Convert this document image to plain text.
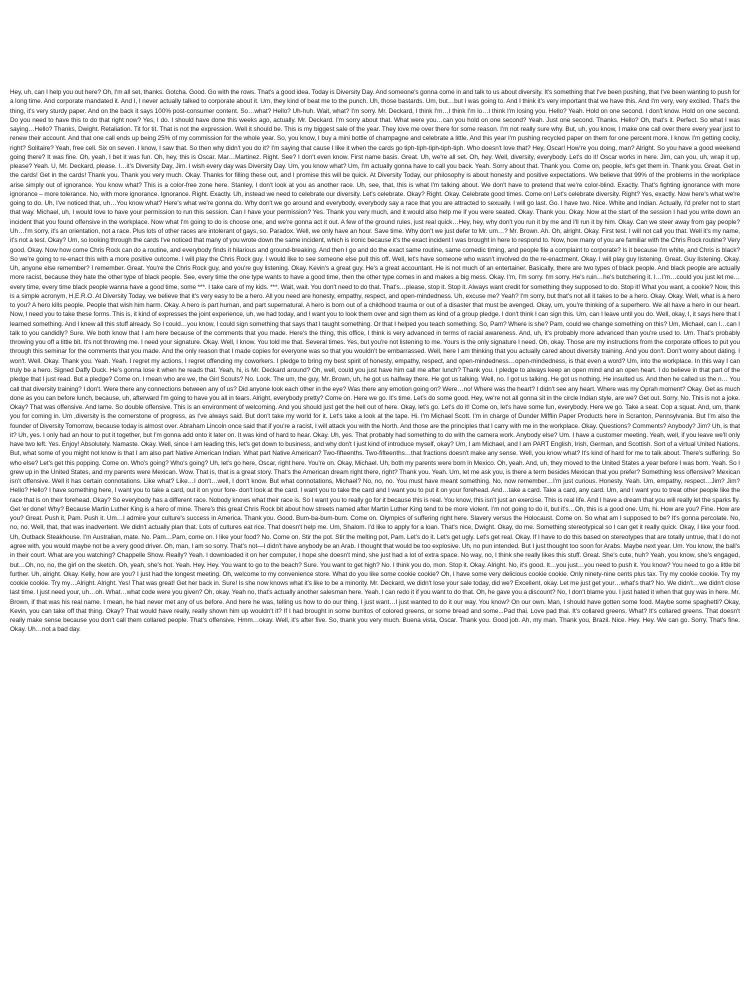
Hey, uh, can I help you out here? Oh, I'm all set, thanks. Gotcha. Good. Go with the rows. That's a good idea. Today is Diversity Day. And someone's gonna come in and talk to us about diversity. It's something that I've been pushing, that I've been wanting to push for a long time. And corporate mandated it. And I, I never actually talked to corporate about it. Um, they kind of beat me to the punch. Uh, those bastards. Um, but…but I was going to. And I think it's very important that we have this. And I'm very, very excited. That's the thing, it's very sturdy paper. And on the back it says 100% post-consumer content. So…what? Hello? Uh-huh. Wait, what? I'm sorry. Mr. Deckard, I think I'm…I think I'm lo…I think I'm losing you. Hello? Yeah. Hold on one second. I don't know. Hold on one second. Do you need to have this to do that right now? Yes, I do. I should have done this weeks ago, actually. Mr. Deckard. I'm sorry about that. What were you…can you hold on one second? Yeah. Just one second. Thanks. Hello? Oh, that's it. Perfect. So what I was saying…Hello? Thanks, Dwight. Retaliation. Tit for tit. That is not the expression. Well it should be. This is my biggest sale of the year. They love me over there for some reason. I'm not really sure why. But, uh, you know, I make one call over there every year just to renew their account. And that one call ends up being 25% of my commission for the whole year. So, you know, I buy a mini bottle of champagne and celebrate a little. And this year I'm pushing recycled paper on them for one percent more. I know. I'm getting cocky, right? Solitaire? Yeah, free cell. Six on seven. I know, I saw that. So then why didn't you do it? I'm saying that cause I like it when the cards go tiph-tiph-tiph-tiph-tiph. Who doesn't love that? Hey, Oscar! How're you doing, man? Alright. So you have a good weekend going there? It was fine. Oh, yeah, I bet it was fun. Oh, hey, this is Oscar. Mar…Martinez. Right. See? I don't even know. First name basis. Great. Uh, we're all set. Oh, hey. Well, diversity, everybody. Let's do it! Oscar works in here. Jim, can you, uh, wrap it up, please? Yeah. U, Mr. Deckard, please. I…it's Diversity Day, Jim. I wish every day was Diversity Day. Um, you know what? Um, I'm actually gonna have to call you back. Yeah. Sorry about that. Thank you. Come on, people, let's get them in. Thank you. Great. Get in the cards! Get in the cards! Thank you. Thank you very much. Okay. Thanks for filling these out, and I promise this will be quick. At Diversity Today, our philosophy is about honesty and positive expectations. We believe that 99% of the problems in the workplace arise simply out of ignorance. You know what? This is a color-free zone here. Stanley, I don't look at you as another race. Uh, see, that, this is what I'm talking about. We don't have to pretend that we're color-blind. Exactly. That's fighting ignorance with more ignorance – more tolerance. No, with more ignorance. Ignorance. Right. Exactly. Uh, instead we need to celebrate our diversity. Let's celebrate. Okay? Right. Okay. Celebrate good times. Come on! Let's celebrate diversity. Right? Yes, exactly. Now here's what we're going to do. Uh, I've noticed that, uh…You know what? Here's what we're gonna do. Why don't we go around and everybody, everybody say a race that you are attracted to sexually. I will go last. Go. I have two. Nice. White and Indian. Actually, I'd prefer not to start that way. Michael, uh, I would love to have your permission to run this session. Can I have your permission? Yes. Thank you very much, and it would also help me if you were seated. Okay. Thank you. Okay. Now at the start of the session I had you write down an incident that you found offensive in the workplace. Now what I'm going to do is choose one, and we're gonna act it out. A few of the ground rules, just real quick…Hey, hey, why don't you run it by me and I'll run it by him. Okay. Can we steer away from gay people? Uh…I'm sorry, it's an orientation, not a race. Plus lots of other races are intolerant of gays, so. Paradox. Well, we only have an hour. Save time. Why don't we just defer to Mr. um…? Mr. Brown. Ah. Oh, alright. Okay. First test. I will not call you that. Well it's my name, it's not a test. Okay? Um, so looking through the cards I've noticed that many of you wrote down the same incident, which is ironic because it's the exact incident I was brought in here to respond to. Now, how many of you are familiar with the Chris Rock routine? Very good. Okay. Now how come Chris Rock can do a routine, and everybody finds it hilarious and ground-breaking. And then I go and do the exact same routine, same comedic timing, and people file a complaint to corporate? Is it because I'm white, and Chris is black? So we're going to re-enact this with a more positive outcome. I will play the Chris Rock guy. I would like to see someone else pull this off. Well, let's have someone who wasn't involved do the re-enactment. Okay. I will play guy listening. Great. Guy listening. Okay. Uh, anyone else remember? I remember. Great. You're the Chris Rock guy, and you're guy listening. Okay. Kevin's a great guy. He's a great accountant. He is not much of an entertainer. Basically, there are two types of black people. And black people are actually more racist, because they hate the other type of black people. See, every time the one type wants to have a good time, then the other type comes in and makes a big mess. Okay. I'm, I'm sorry. I'm sorry. He's ruin…he's butchering it. I…I'm…could you just let me…every time, every time black people wanna have a good time, some ***. I take care of my kids. ***. Wait, wait. You don't need to do that. That's…please, stop it. Stop it. Always want credit for something they supposed to do. Stop it! What you want, a cookie? Now, this is a simple acronym, H.E.R.O. At Diversity Today, we believe that it's very easy to be a hero. All you need are honesty, empathy, respect, and open-mindedness. Uh, excuse me? Yeah? I'm sorry, but that's not all it takes to be a hero. Okay. Okay. Well, what is a hero to you? A hero kills people. People that wish him harm. Okay. A hero is part human, and part supernatural. A hero is born out of a childhood trauma or out of a disaster that must be avenged. Okay, um, you're thinking of a superhero. We all have a hero in our heart. Now, I need you to take these forms. This is, it kind of expresses the joint experience, uh, we had today, and I want you to look them over and sign them as kind of a group pledge. I don't think I can sign this. Um, can I leave until you do. Well, okay, I, it says here that I learned something. And I knew all this stuff already. So I could…you know, I could sign something that says that I taught something. Or that I helped you teach something. So, Pam? Where is she? Pam, could we change something on this? Um, Michael, can I…can I talk to you candidly? Sure. We both know that I am here because of the comments that you made. Here's the thing, this office, I think is very advanced in terms of racial awareness. And, uh, it's probably more advanced than you're used to. Um. That's probably throwing you off a little bit. It's not throwing me. I need your signature. Okay. Well, I know. You told me that. Several times. Yes, but you're not listening to me. Yours is the only signature I need. Oh, okay. Those are my instructions from the corporate offices to put you through this seminar for the comments that you made. And the only reason that I made copies for everyone was so that you wouldn't be embarrassed. Well, here I am thinking that you actually cared about diversity training. And you don't. Don't worry about dating. I won't. Well. Okay. Thank you. Yeah. Yeah. I regret my actions. I regret offending my coworkers. I pledge to bring my best spirit of honesty, empathy, respect, and open-mindedness…open-mindedness, is that even a word? Um, into the workplace. In this way I can truly be a hero. Signed Daffy Duck. He's gonna lose it when he reads that. Yeah, hi, is Mr. Deckard around? Oh, well, could you just have him call me after lunch? Thank you. I pledge to always keep an open mind and an open heart. I do believe in that part of the pledge that I just read. But a pledge? Come on. I mean who are we, the Girl Scouts? No. Look. The um, the guy, Mr. Brown, uh, he got us halfway there. He got us talking. Well, no. I got us talking. He got us nothing. He insulted us. And then he called us the n… You call that diversity training? I don't. Were there any connections between any of us? Did anyone look each other in the eye? Was there any emotion going on? Were…no! Where was the heart? I didn't see any heart. Where was my Oprah moment? Okay. Get as much done as you can before lunch, because, uh, afterward I'm going to have you all in tears. Alright, everybody pretty? Come on. Here we go. It's time. Let's do some good. Hey, we're not all gonna sit in the circle Indian style, are we? Get out. Sorry. No. This is not a joke. Okay? That was offensive. And lame. So double offensive. This is an environment of welcoming. And you should just get the hell out of here. Okay, let's go. Let's do it! Come on, let's have some fun, everybody. Here we go. Take a seat. Cop a squat. And, um, thank you for coming in. Um ,diversity is the cornerstone of progress, as I've always said. But don't take my world for it. Let's take a look at the tape. Hi. I'm Michael Scott. I'm in charge of Dunder Mifflin Paper Products here in Scranton, Pennsylvania. But I'm also the founder of Diversity Tomorrow, because today is almost over. Abraham Lincoln once said that if you're a racist, I will attack you with the North. And those are the principles that I carry with me in the workplace. Okay. Questions? Comments? Anybody? Jim? Uh, is that it? Uh, yes. I only had an hour to put it together, but I'm gonna add onto it later on. It was kind of hard to hear. Okay. Uh, yes. That probably had something to do with the camera work. Anybody else? Um. I have a customer meeting. Yeah, well, if you leave we'll only have two left. Yes. Enjoy! Absolutely. Namaste. Okay. Well, since I am leading this, let's get down to business, and why don't I just kind of introduce myself, okay? Um, I am Michael, and I am PART English, Irish, German, and Scottish. Sort of a virtual United Nations. But, what some of you might not know is that I am also part Native American Indian. What part Native American? Two-fifteenths. Two-fifteenths…that fractions doesn't make any sense. Well, you know what? It's kind of hard for me to talk about. There's suffering. So who else? Let's get this popping. Come on. Who's going? Who's going? Uh, let's go here, Oscar, right here. You're on. Okay, Michael. Uh, both my parents were born in Mexico. Oh, yeah. And, uh, they moved to the United States a year before I was born. Yeah. So I grew up in the United States, and my parents were Mexican. Wow. That is, that is a great story. That's the American dream right there, right? Thank you. Yeah. Um, let me ask you, is there a term besides Mexican that you prefer? Something less offensive? Mexican isn't offensive. Well it has certain connotations. Like what? Like…I don't…well, I don't know. But what connotations, Michael? No, no, no. You must have meant something. No, now remember…I'm just curious. Honesty. Yeah. Um, empathy, respect…Jim? Jim? Hello? Hello? I have something here, I want you to take a card, out it on your fore- don't look at the card. I want you to take the card and I want you to put it on your forehead. And…take a card. Take a card, any card. Um, and I want you to treat other people like the race that is on their forehead. Okay? So everybody has a different race. Nobody knows what their race is. So I want you to really go for it because this is real. You know, this isn't just an exercise. This is real life. And I have a dream that you will really let the sparks fly. Get 'er done! Why? Because Martin Luther King is a hero of mine. There's this great Chris Rock bit about how streets named after Martin Luther King tend to be more violent. I'm not going to do it, but it's…Oh, this is a good one. Um, hi. How are you? Fine. How are you? Great. Push it, Pam. Push it. Um…I admire your culture's success in America. Thank you. Good. Bum-ba-bum-bum. Come on. Olympics of suffering right here. Slavery versus the Holocaust. Come on. So what am I supposed to be? It's gonna percolate. No, no, no. Well, that, that was inadvertent. We didn't actually plan that. Lots of cultures eat rice. That doesn't help me. Um, Shalom. I'd like to apply for a loan. That's nice, Dwight. Okay, do me. Something stereotypical so I can get it really quick. Okay, I like your food. Uh, Outback Steakhouse. I'm Australian, mate. No. Pam…Pam, come on. I like your food? No. Come on. Stir the pot. Stir the melting pot, Pam. Let's do it. Let's get ugly. Let's get real. Okay. If I have to do this based on stereotypes that are totally untrue, that I do not agree with, you would maybe not be a very good driver. Oh, man, I am so sorry. That's not—I didn't have anybody be an Arab. I thought that would be too explosive. Uh, no pun intended. But I just thought too soon for Arabs. Maybe next year. Um. You know, the ball's in their court. What are you watching? Chappelle Show. Really? Yeah. I downloaded it on her computer, I hope she doesn't mind, she just had a lot of extra space. No way, no, I think she really likes this stuff. Great. She's cute, huh? Yeah, you know, she's engaged, but…Oh, no, no, the girl on the sketch. Oh, yeah, she's hot. Yeah. Hey. Hey. You want to go to the beach? Sure. You want to get high? No. I think you do, mon. Stop it. Okay. Alright. No, it's good. It…you just…you need to push it. You know? You need to go a little bit further. Uh, alright. Okay. Kelly, how are you? I just had the longest meeting. Oh, welcome to my convenience store. What do you like some cookie cookie? Oh, I have some very delicious cookie cookie. Only ninety-nine cents plus tax. Try my cookie cookie. Try my cookie cookie. Try my…Alright. Alright. Yes! That was great! Get her back in. Sure! Is she now knows what it's like to be a minority. Mr. Deckard, we didn't lose your sale today, did we? Excellent, okay. Let me just get your…what's that? No. We didn't…we didn't close last time. I just need your, uh…oh. What…what code were you given? Oh, okay. Yeah no, that's actually another salesman here. Yeah. I can redo it if you want to do that. Oh, he gave you a discount? No, I don't blame you. I just hated it when that guy was in here. Mr. Brown, if that was his real name. I mean, he had never met any of us before. And here he was, telling us how to do our thing. I just want…I just wanted to do it our way. You know? On our own. Man, I should have gotten some food. Maybe some spaghetti? Okay, Kevin, you can take off that thing. Okay? That would have really, really shown him up wouldn't it? If I had brought in some burritos of colored greens, or some bread and some...Pad thai. Love pad thai. It's collared greens. What? It's collared greens. That doesn't really make sense because you don't call them collared people. That's offensive. Hmm…okay. Well, it's after five. So, thank you very much. Buena vista, Oscar. Thank you. Good job. Ah, my man. Thank you, Brazil. Nice. Hey. Hey. We can go. Sorry. That's fine. Okay. Uh…not a bad day.
